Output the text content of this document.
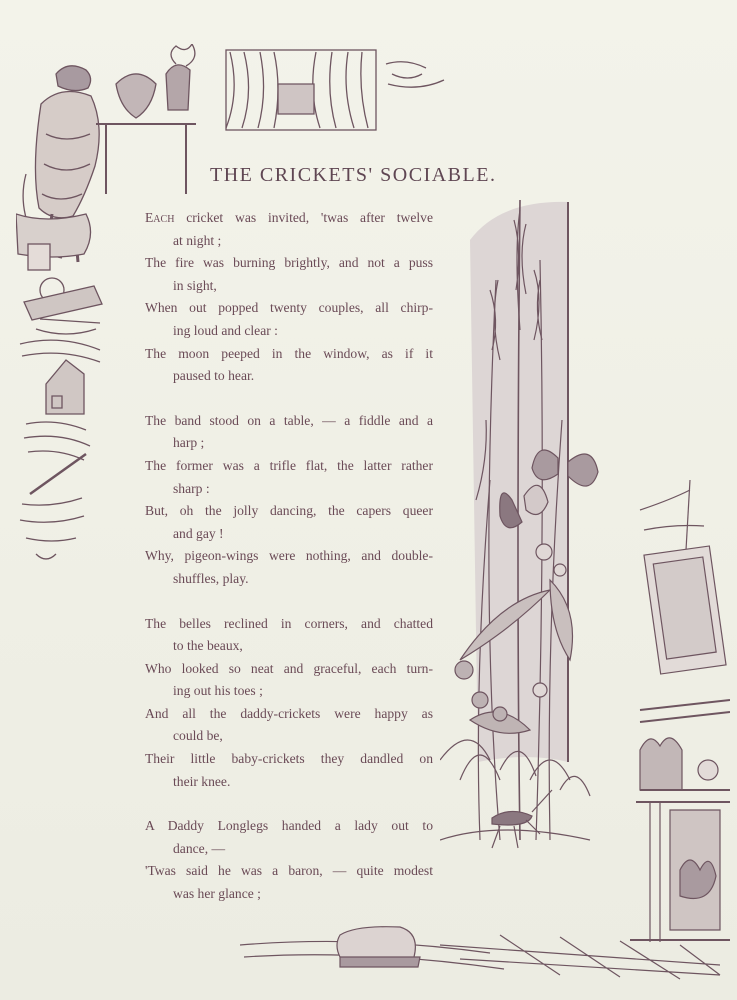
THE CRICKETS' SOCIABLE.
Each cricket was invited, 'twas after twelve
at night ;
The fire was burning brightly, and not a puss
in sight,
When out popped twenty couples, all chirp-
ing loud and clear :
The moon peeped in the window, as if it
paused to hear.
The band stood on a table, — a fiddle and a
harp ;
The former was a trifle flat, the latter rather
sharp :
But, oh the jolly dancing, the capers queer
and gay !
Why, pigeon-wings were nothing, and double-
shuffles, play.
The belles reclined in corners, and chatted
to the beaux,
Who looked so neat and graceful, each turn-
ing out his toes ;
And all the daddy-crickets were happy as
could be,
Their little baby-crickets they dandled on
their knee.
A Daddy Longlegs handed a lady out to
dance, —
'Twas said he was a baron, — quite modest
was her glance ;
